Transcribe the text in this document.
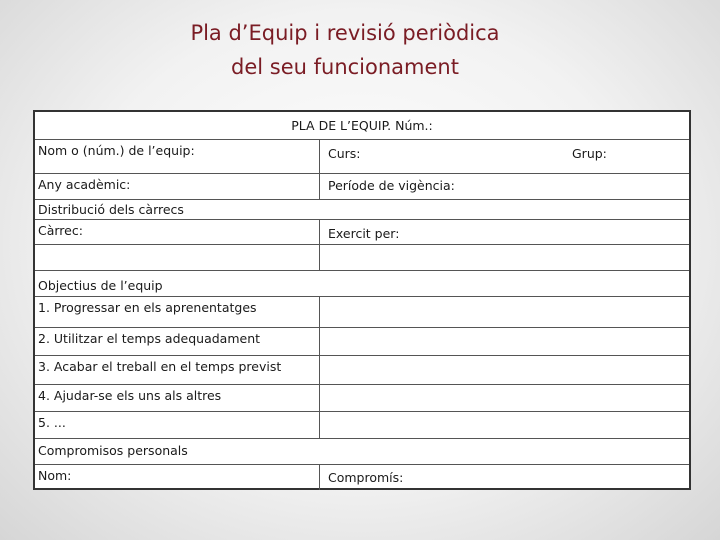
Pla d’Equip i revisió periòdica
del seu funcionament
PLA DE L’EQUIP. Núm.:
Nom o (núm.) de l’equip:	Curs:	Grup:
Any acadèmic:	Període de vigència:
Distribució dels càrrecs
Càrrec:	Exercit per:
Objectius de l’equip
1. Progressar en els aprenentatges
2. Utilitzar el temps adequadament
3. Acabar el treball en el temps previst
4. Ajudar-se els uns als altres
5. ...
Compromisos personals
Nom:	Compromís:
